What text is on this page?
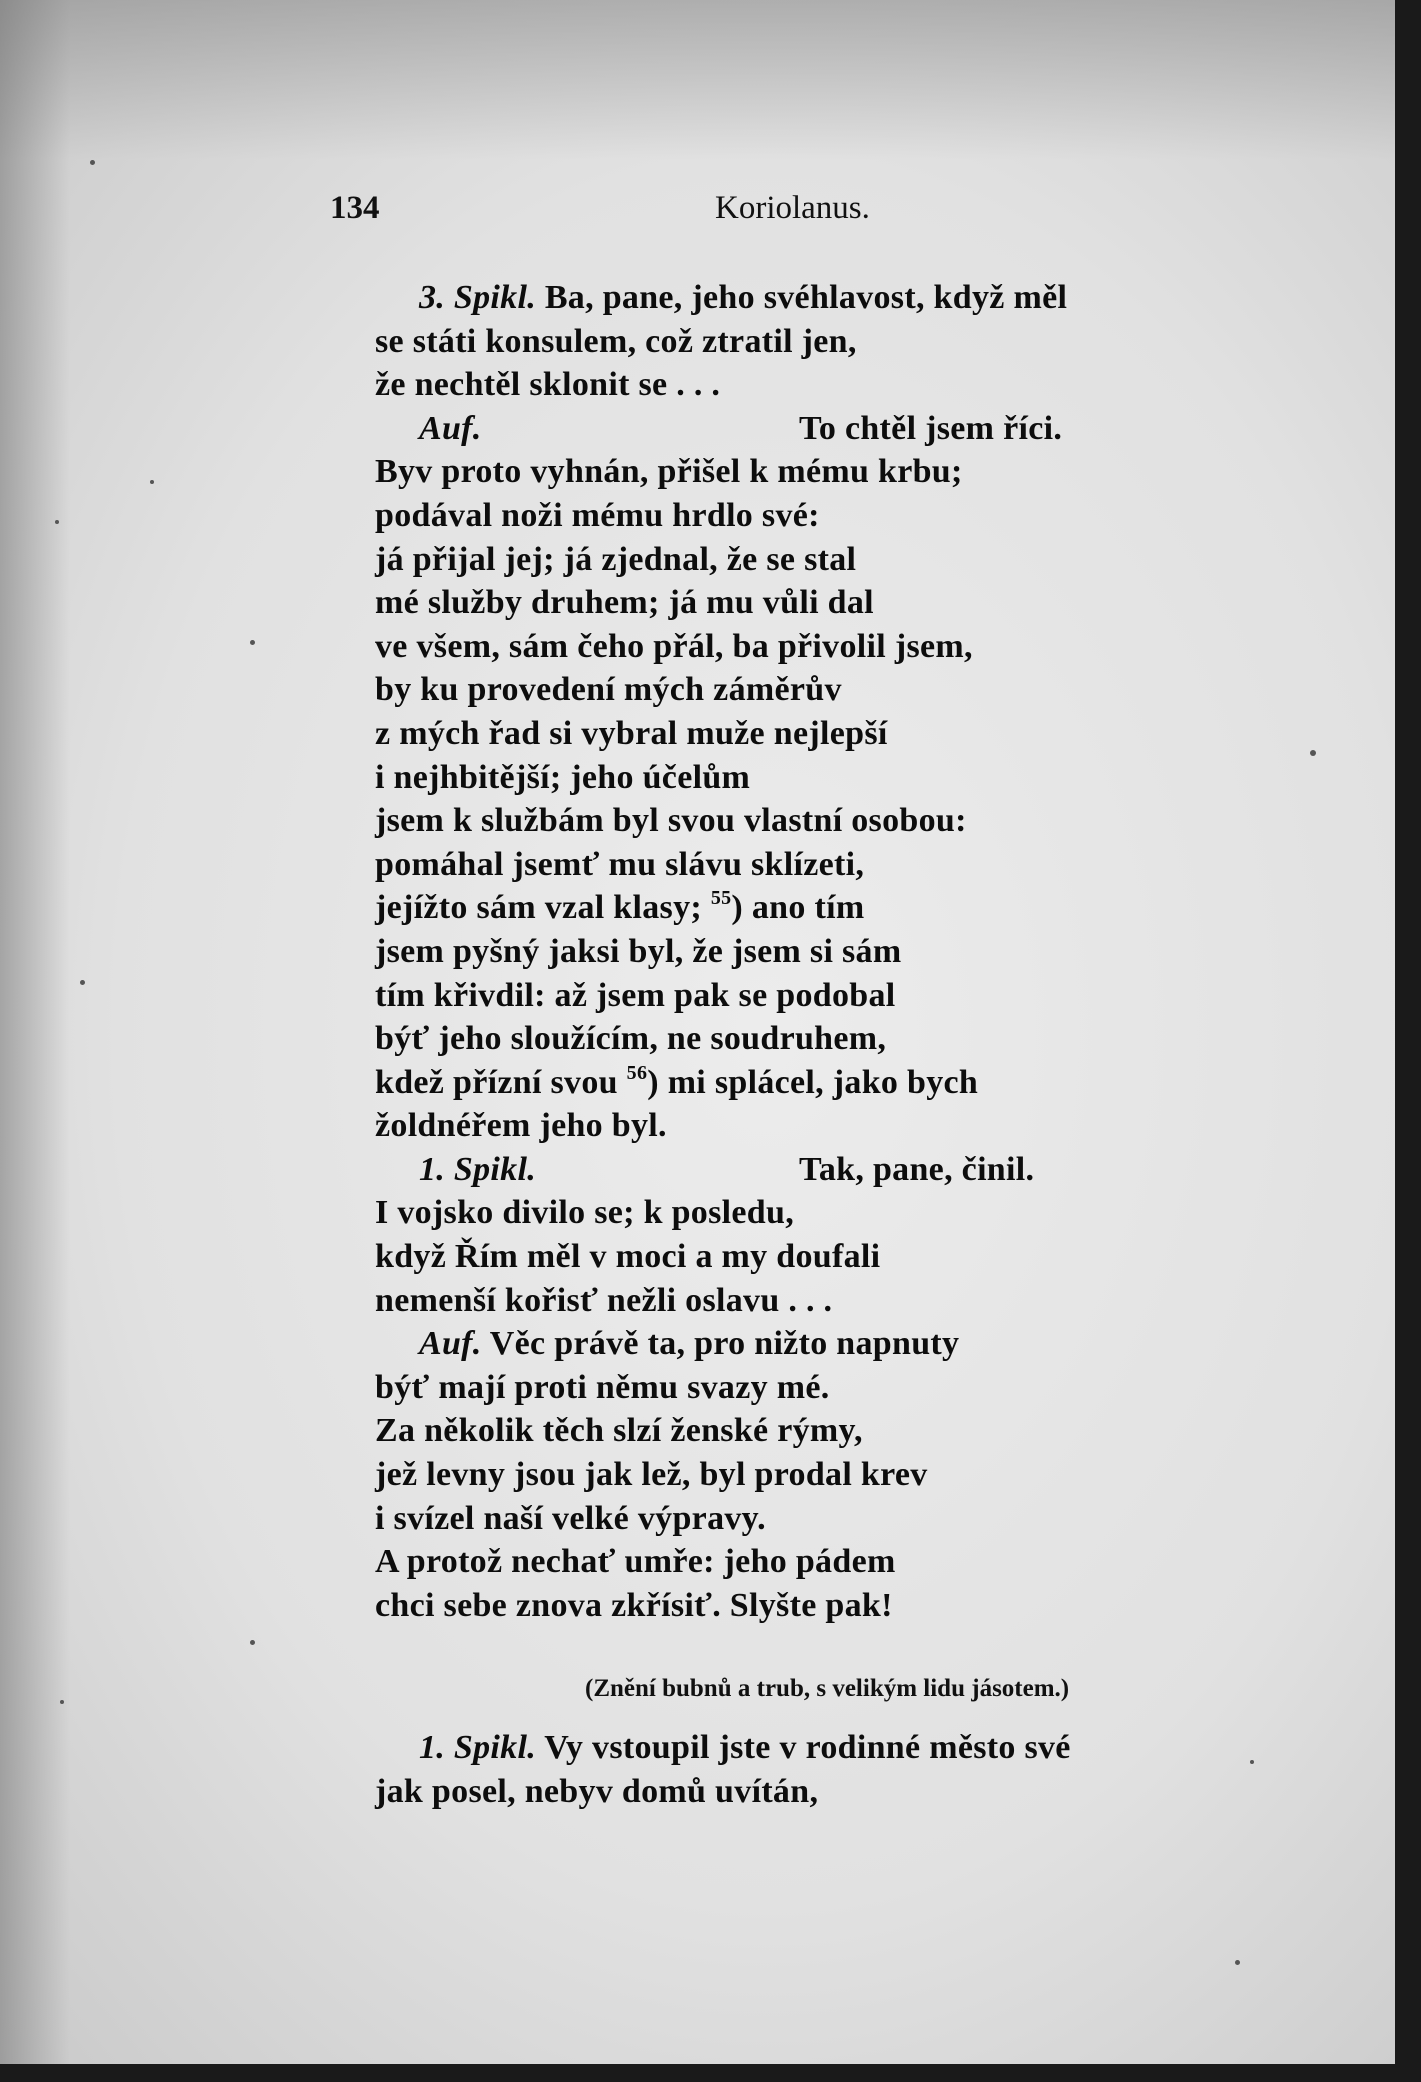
134	Koriolanus.
3. Spikl. Ba, pane, jeho svéhlavost, když měl
se státi konsulem, což ztratil jen,
že nechtěl sklonit se . . .
Auf.	To chtěl jsem říci.
Byv proto vyhnán, přišel k mému krbu;
podával noži mému hrdlo své:
já přijal jej; já zjednal, že se stal
mé služby druhem; já mu vůli dal
ve všem, sám čeho přál, ba přivolil jsem,
by ku provedení mých záměrův
z mých řad si vybral muže nejlepší
i nejhbitější; jeho účelům
jsem k službám byl svou vlastní osobou:
pomáhal jsemť mu slávu sklízeti,
jejížto sám vzal klasy; $^{55}$) ano tím
jsem pyšný jaksi byl, že jsem si sám
tím křivdil: až jsem pak se podobal
býť jeho sloužícím, ne soudruhem,
kdež přízní svou $^{56}$) mi splácel, jako bych
žoldnéřem jeho byl.
1. Spikl.	Tak, pane, činil.
I vojsko divilo se; k posledu,
když Řím měl v moci a my doufali
nemenší kořisť nežli oslavu . . .
Auf. Věc právě ta, pro nižto napnuty
býť mají proti němu svazy mé.
Za několik těch slzí ženské rýmy,
jež levny jsou jak lež, byl prodal krev
i svízel naší velké výpravy.
A protož nechať umře: jeho pádem
chci sebe znova zkřísiť. Slyšte pak!
(Znění bubnů a trub, s velikým lidu jásotem.)
1. Spikl. Vy vstoupil jste v rodinné město své
jak posel, nebyv domů uvítán,
